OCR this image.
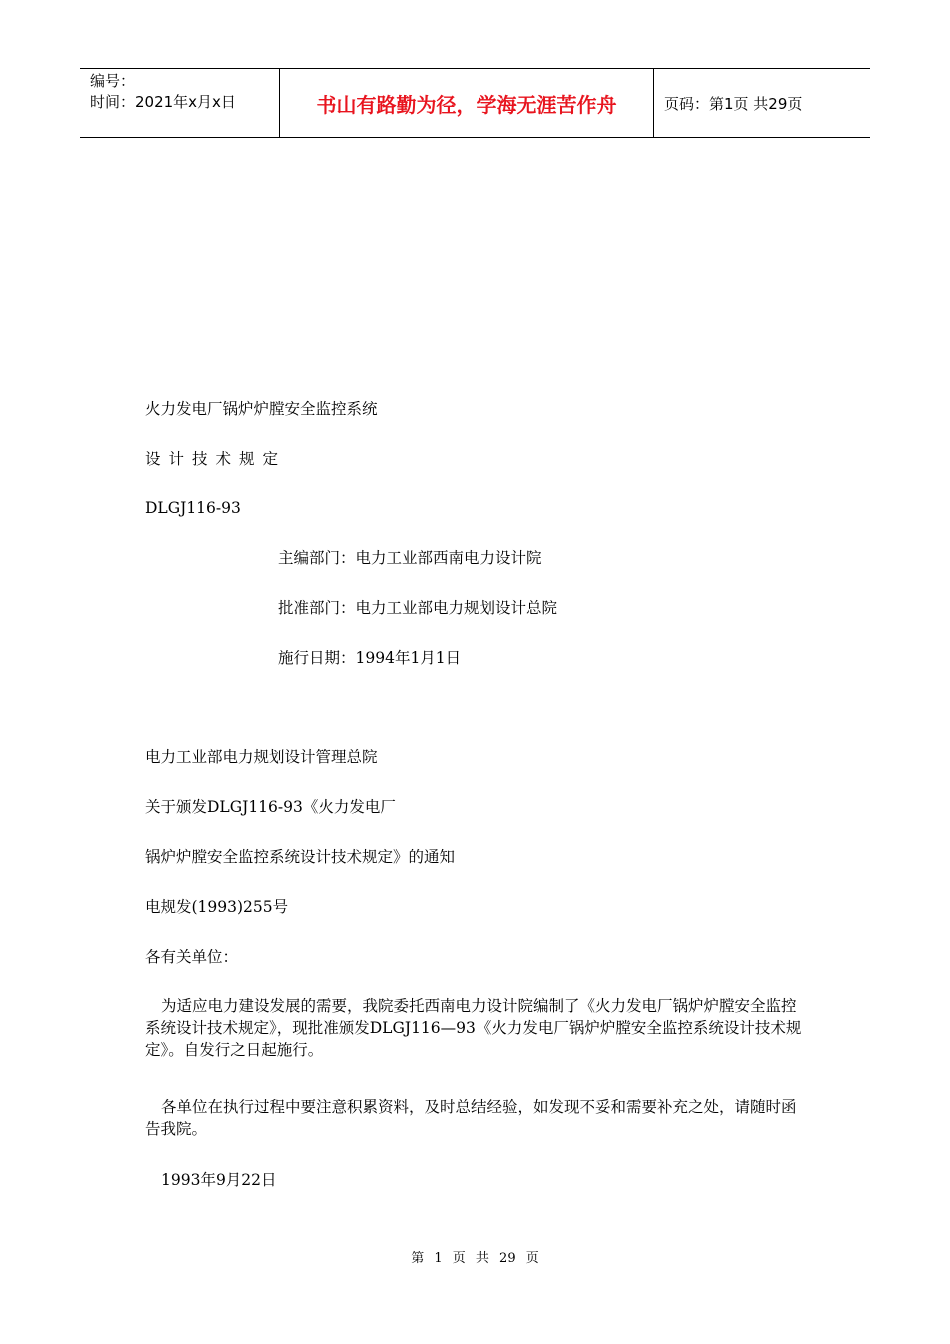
编号：
时间：2021年x月x日	书山有路勤为径，学海无涯苦作舟	页码：第1页 共29页
火力发电厂锅炉炉膛安全监控系统
设计技术规定
DLGJ116-93
主编部门：电力工业部西南电力设计院
批准部门：电力工业部电力规划设计总院
施行日期：1994年1月1日
电力工业部电力规划设计管理总院
关于颁发DLGJ116-93《火力发电厂
锅炉炉膛安全监控系统设计技术规定》的通知
电规发(1993)255号
各有关单位：
为适应电力建设发展的需要，我院委托西南电力设计院编制了《火力发电厂锅炉炉膛安全监控系统设计技术规定》，现批准颁发DLGJ116—93《火力发电厂锅炉炉膛安全监控系统设计技术规定》。自发行之日起施行。
各单位在执行过程中要注意积累资料，及时总结经验，如发现不妥和需要补充之处，请随时函告我院。
1993年9月22日
第 1 页 共 29 页
